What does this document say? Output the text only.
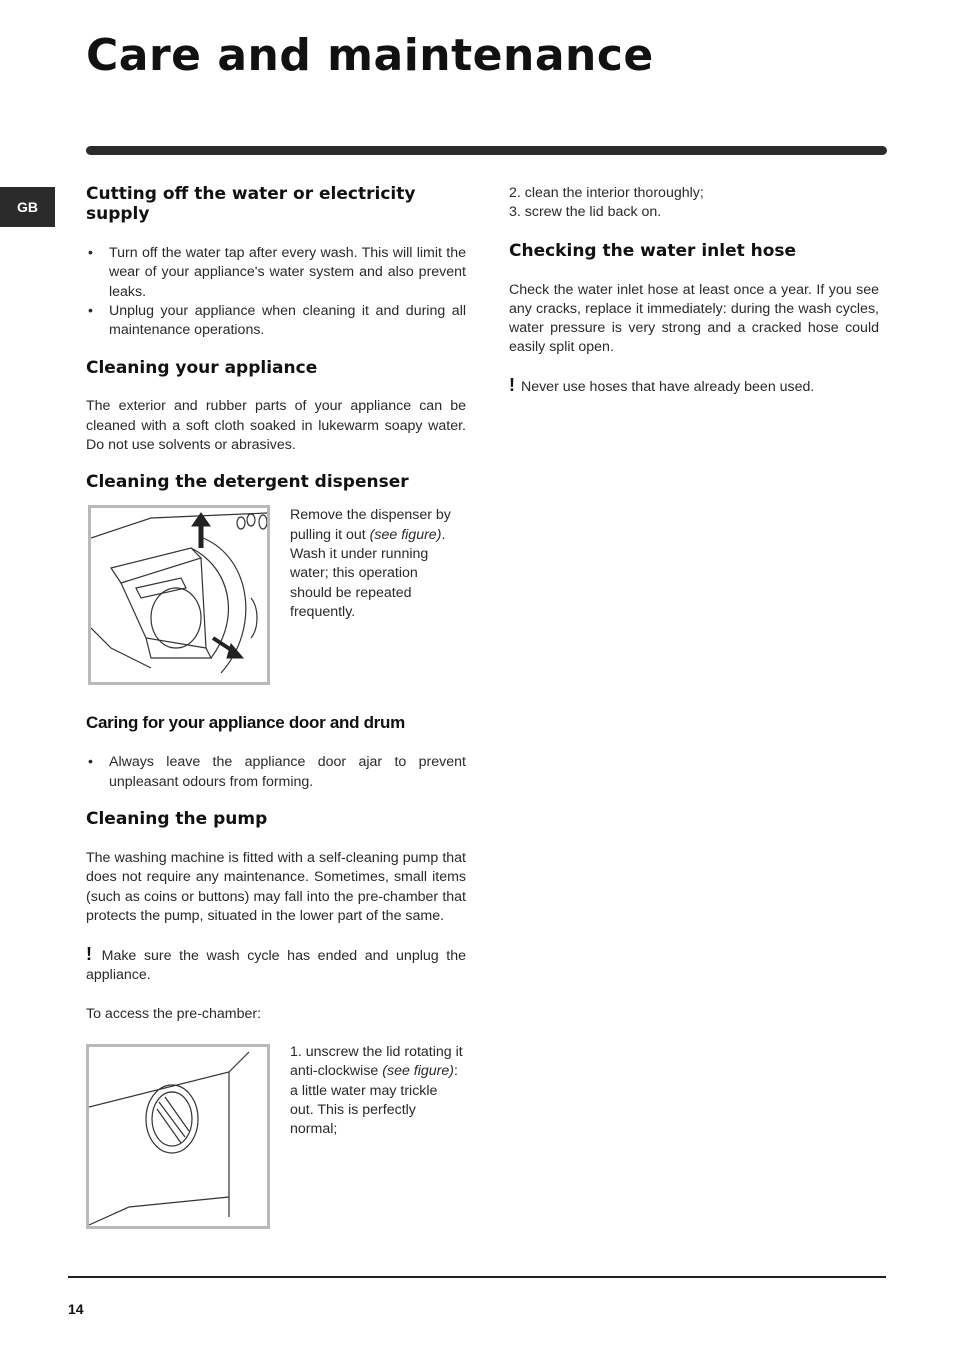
Care and maintenance
GB
Cutting off the water or electricity supply
• Turn off the water tap after every wash. This will limit the wear of your appliance's water system and also prevent leaks.
• Unplug your appliance when cleaning it and during all maintenance operations.
Cleaning your appliance

The exterior and rubber parts of your appliance can be cleaned with a soft cloth soaked in lukewarm soapy water. Do not use solvents or abrasives.

Cleaning the detergent dispenser
Remove the dispenser by pulling it out (see figure).
Wash it under running water; this operation should be repeated frequently.
Caring for your appliance door and drum
• Always leave the appliance door ajar to prevent unpleasant odours from forming.
Cleaning the pump

The washing machine is fitted with a self-cleaning pump that does not require any maintenance. Sometimes, small items (such as coins or buttons) may fall into the pre-chamber that protects the pump, situated in the lower part of the same.

! Make sure the wash cycle has ended and unplug the appliance.

To access the pre-chamber:

1. unscrew the lid rotating it anti-clockwise (see figure): a little water may trickle out. This is perfectly normal;

2. clean the interior thoroughly;

3. screw the lid back on.

Checking the water inlet hose

Check the water inlet hose at least once a year. If you see any cracks, replace it immediately: during the wash cycles, water pressure is very strong and a cracked hose could easily split open.

! Never use hoses that have already been used.

14
